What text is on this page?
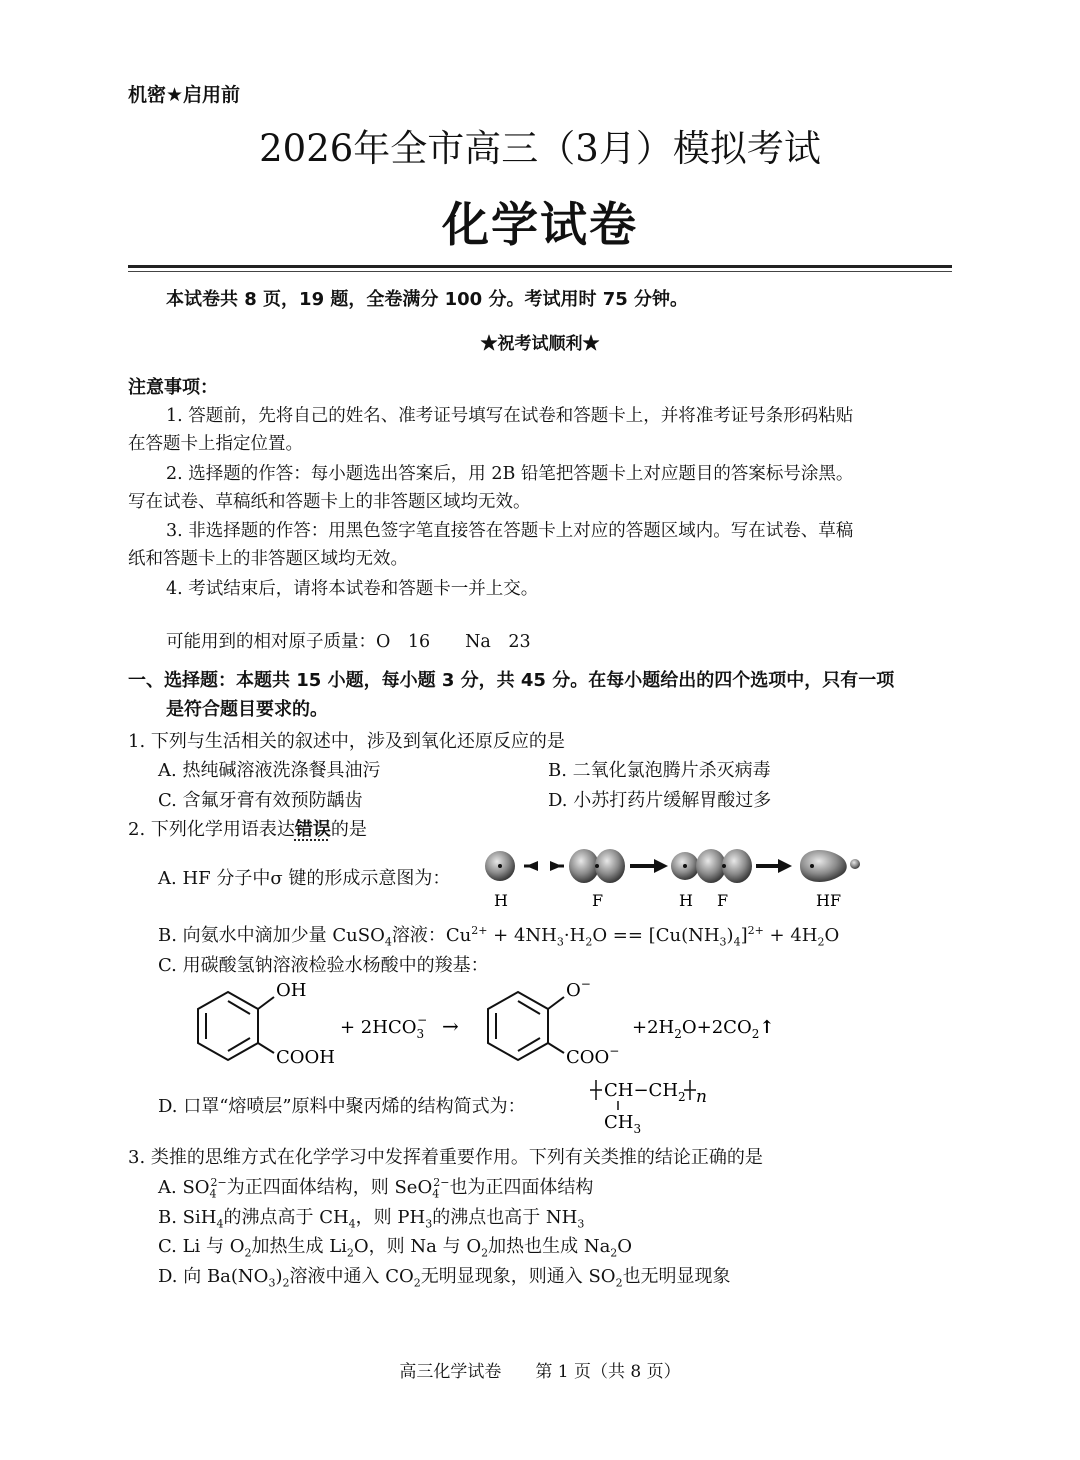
机密★启用前
2026年全市高三（3月）模拟考试
化学试卷
本试卷共 8 页，19 题，全卷满分 100 分。考试用时 75 分钟。
★祝考试顺利★
注意事项：
1. 答题前，先将自己的姓名、准考证号填写在试卷和答题卡上，并将准考证号条形码粘贴
在答题卡上指定位置。
2. 选择题的作答：每小题选出答案后，用 2B 铅笔把答题卡上对应题目的答案标号涂黑。
写在试卷、草稿纸和答题卡上的非答题区域均无效。
3. 非选择题的作答：用黑色签字笔直接答在答题卡上对应的答题区域内。写在试卷、草稿
纸和答题卡上的非答题区域均无效。
4. 考试结束后，请将本试卷和答题卡一并上交。
可能用到的相对原子质量：O　16　　Na　23
一、选择题：本题共 15 小题，每小题 3 分，共 45 分。在每小题给出的四个选项中，只有一项
是符合题目要求的。
1. 下列与生活相关的叙述中，涉及到氧化还原反应的是
A. 热纯碱溶液洗涤餐具油污	B. 二氧化氯泡腾片杀灭病毒
C. 含氟牙膏有效预防龋齿	D. 小苏打药片缓解胃酸过多
2. 下列化学用语表达错误的是
A. HF 分子中σ 键的形成示意图为：
H	F	H F	HF
B. 向氨水中滴加少量 CuSO$_4$溶液：$Cu^{2+} + 4NH_3\cdot H_2O == [Cu(NH_3)_4]^{2+} + 4H_2O$
C. 用碳酸氢钠溶液检验水杨酸中的羧基：
OH
COOH
+ $2HCO_3-$ →
O−
COO−
$+2H_2O+2CO_2↑$
D. 口罩“熔喷层”原料中聚丙烯的结构简式为：
$CH-CH_2$ n
$CH_3$
3. 类推的思维方式在化学学习中发挥着重要作用。下列有关类推的结论正确的是
A. $SO_4^{2-}$为正四面体结构，则 SeO$_4^{2-}$也为正四面体结构
B. SiH$_4$的沸点高于 $CH_4$，则 $PH_3$的沸点也高于 $NH_3$
C. Li 与 $O_2$加热生成 $Li_2O$，则 Na 与 $O_2$加热也生成 $Na_2O$
D. 向 $Ba(NO_3)_2$溶液中通入 $CO_2$无明显现象，则通入 $SO_2$也无明显现象
高三化学试卷　　第 1 页（共 8 页）
